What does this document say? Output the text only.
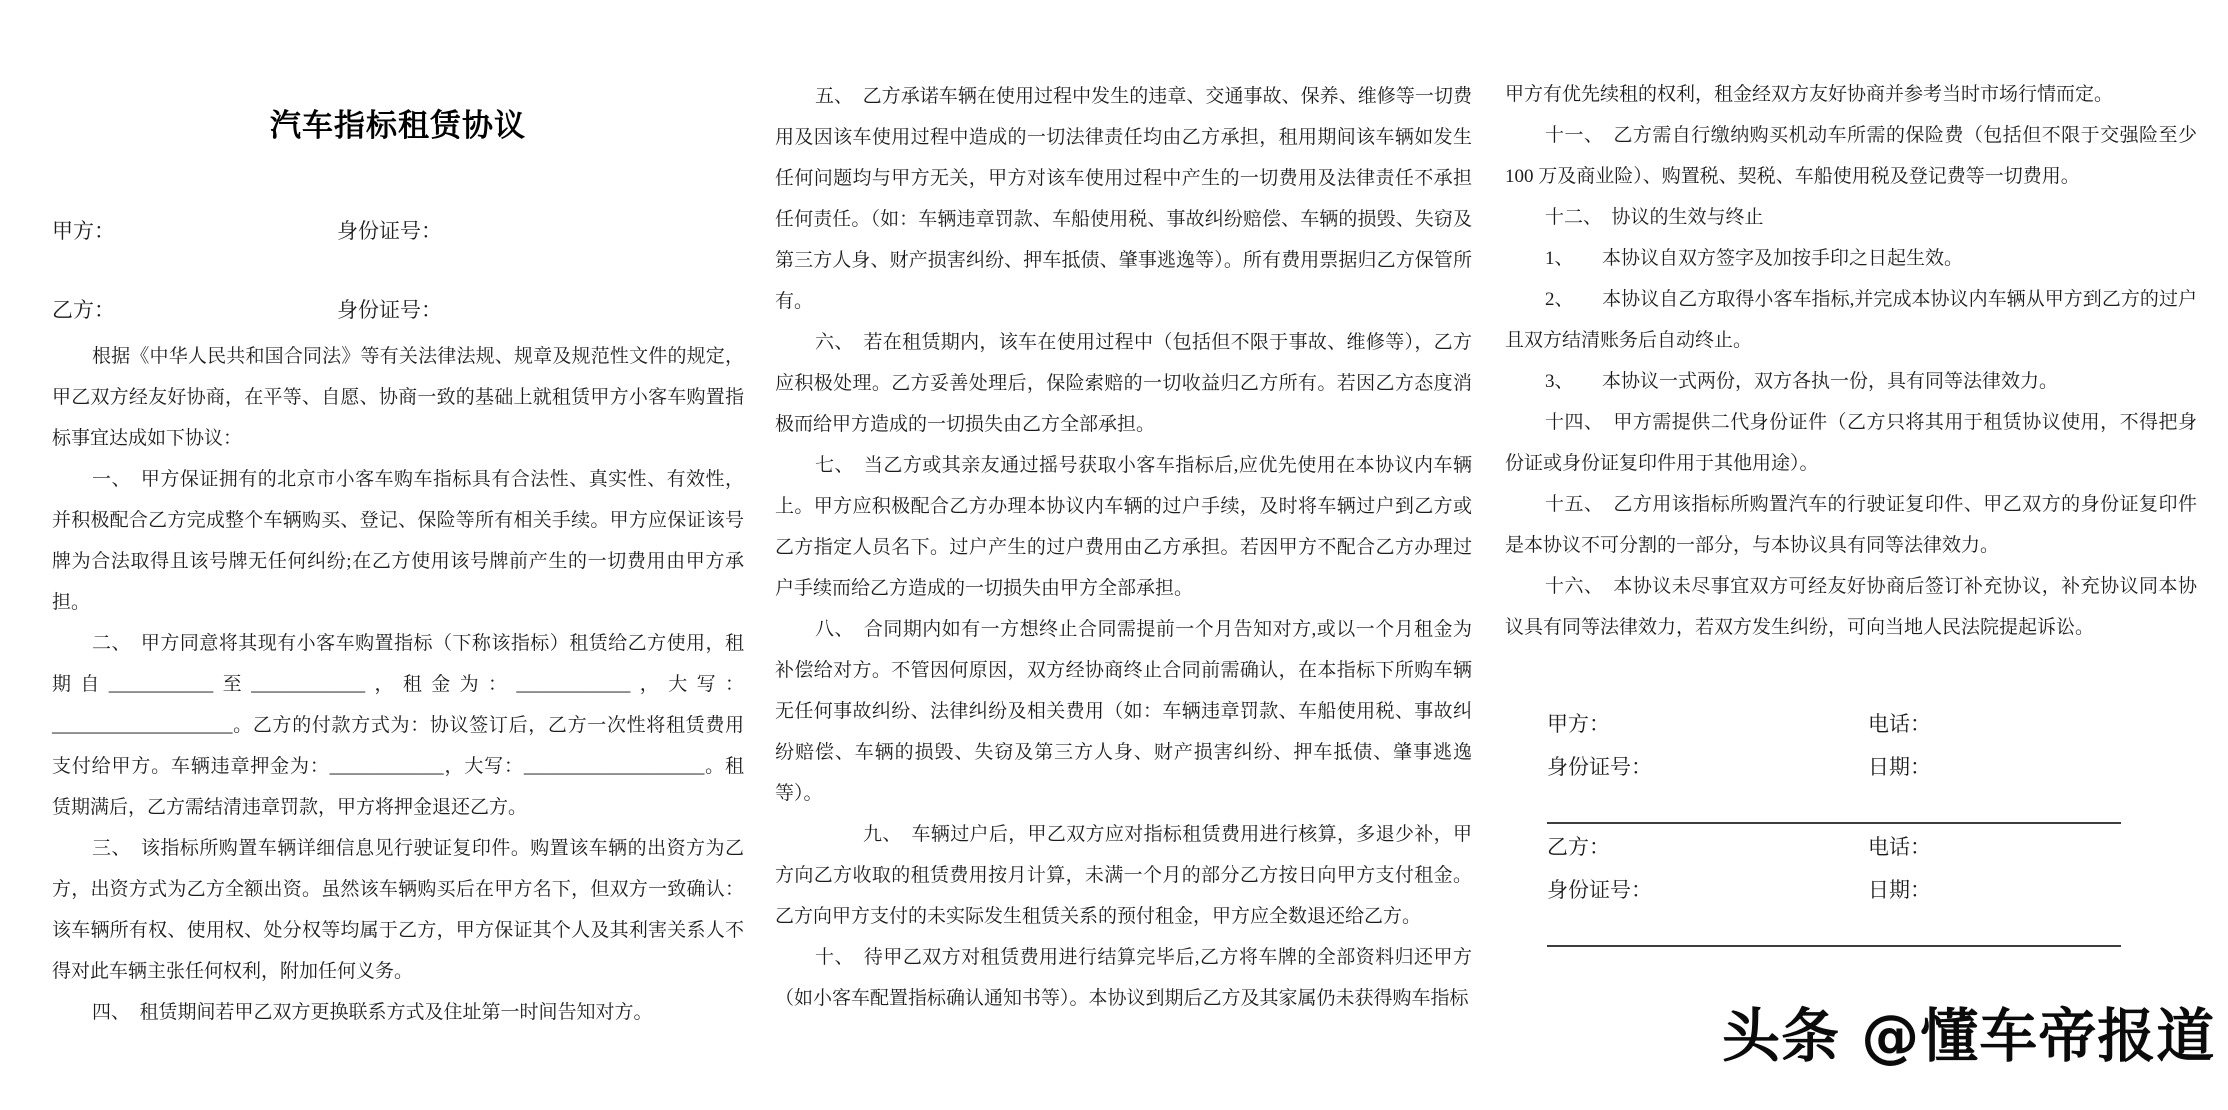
汽车指标租赁协议
甲方：	身份证号：
乙方：	身份证号：

根据《中华人民共和国合同法》等有关法律法规、规章及规范性文件的规定，甲乙双方经友好协商，在平等、自愿、协商一致的基础上就租赁甲方小客车购置指标事宜达成如下协议：

一、　甲方保证拥有的北京市小客车购车指标具有合法性、真实性、有效性，并积极配合乙方完成整个车辆购买、登记、保险等所有相关手续。甲方应保证该号牌为合法取得且该号牌无任何纠纷;在乙方使用该号牌前产生的一切费用由甲方承担。

二、　甲方同意将其现有小客车购置指标（下称该指标）租赁给乙方使用，租期自___________至____________，租金为：____________，大写：___________________。乙方的付款方式为：协议签订后，乙方一次性将租赁费用支付给甲方。车辆违章押金为：____________，大写：___________________。租赁期满后，乙方需结清违章罚款，甲方将押金退还乙方。

三、　该指标所购置车辆详细信息见行驶证复印件。购置该车辆的出资方为乙方，出资方式为乙方全额出资。虽然该车辆购买后在甲方名下，但双方一致确认：该车辆所有权、使用权、处分权等均属于乙方，甲方保证其个人及其利害关系人不得对此车辆主张任何权利，附加任何义务。

四、　租赁期间若甲乙双方更换联系方式及住址第一时间告知对方。

五、　乙方承诺车辆在使用过程中发生的违章、交通事故、保养、维修等一切费用及因该车使用过程中造成的一切法律责任均由乙方承担，租用期间该车辆如发生任何问题均与甲方无关，甲方对该车使用过程中产生的一切费用及法律责任不承担任何责任。（如：车辆违章罚款、车船使用税、事故纠纷赔偿、车辆的损毁、失窃及第三方人身、财产损害纠纷、押车抵债、肇事逃逸等）。所有费用票据归乙方保管所有。

六、　若在租赁期内，该车在使用过程中（包括但不限于事故、维修等），乙方应积极处理。乙方妥善处理后，保险索赔的一切收益归乙方所有。若因乙方态度消极而给甲方造成的一切损失由乙方全部承担。

七、　当乙方或其亲友通过摇号获取小客车指标后,应优先使用在本协议内车辆上。甲方应积极配合乙方办理本协议内车辆的过户手续，及时将车辆过户到乙方或乙方指定人员名下。过户产生的过户费用由乙方承担。若因甲方不配合乙方办理过户手续而给乙方造成的一切损失由甲方全部承担。

八、　合同期内如有一方想终止合同需提前一个月告知对方,或以一个月租金为补偿给对方。不管因何原因，双方经协商终止合同前需确认，在本指标下所购车辆无任何事故纠纷、法律纠纷及相关费用（如：车辆违章罚款、车船使用税、事故纠纷赔偿、车辆的损毁、失窃及第三方人身、财产损害纠纷、押车抵债、肇事逃逸等）。

九、　车辆过户后，甲乙双方应对指标租赁费用进行核算，多退少补，甲方向乙方收取的租赁费用按月计算，未满一个月的部分乙方按日向甲方支付租金。乙方向甲方支付的未实际发生租赁关系的预付租金，甲方应全数退还给乙方。

十、　待甲乙双方对租赁费用进行结算完毕后,乙方将车牌的全部资料归还甲方（如小客车配置指标确认通知书等）。本协议到期后乙方及其家属仍未获得购车指标

甲方有优先续租的权利，租金经双方友好协商并参考当时市场行情而定。

十一、　乙方需自行缴纳购买机动车所需的保险费（包括但不限于交强险至少 100 万及商业险）、购置税、契税、车船使用税及登记费等一切费用。

十二、　协议的生效与终止

1、　　本协议自双方签字及加按手印之日起生效。

2、　　本协议自乙方取得小客车指标,并完成本协议内车辆从甲方到乙方的过户且双方结清账务后自动终止。

3、　　本协议一式两份，双方各执一份，具有同等法律效力。

十四、　甲方需提供二代身份证件（乙方只将其用于租赁协议使用，不得把身份证或身份证复印件用于其他用途）。

十五、　乙方用该指标所购置汽车的行驶证复印件、甲乙双方的身份证复印件是本协议不可分割的一部分，与本协议具有同等法律效力。

十六、　本协议未尽事宜双方可经友好协商后签订补充协议，补充协议同本协议具有同等法律效力，若双方发生纠纷，可向当地人民法院提起诉讼。

甲方：	电话：
身份证号：	日期：
乙方：	电话：
身份证号：	日期：
头条 @懂车帝报道
